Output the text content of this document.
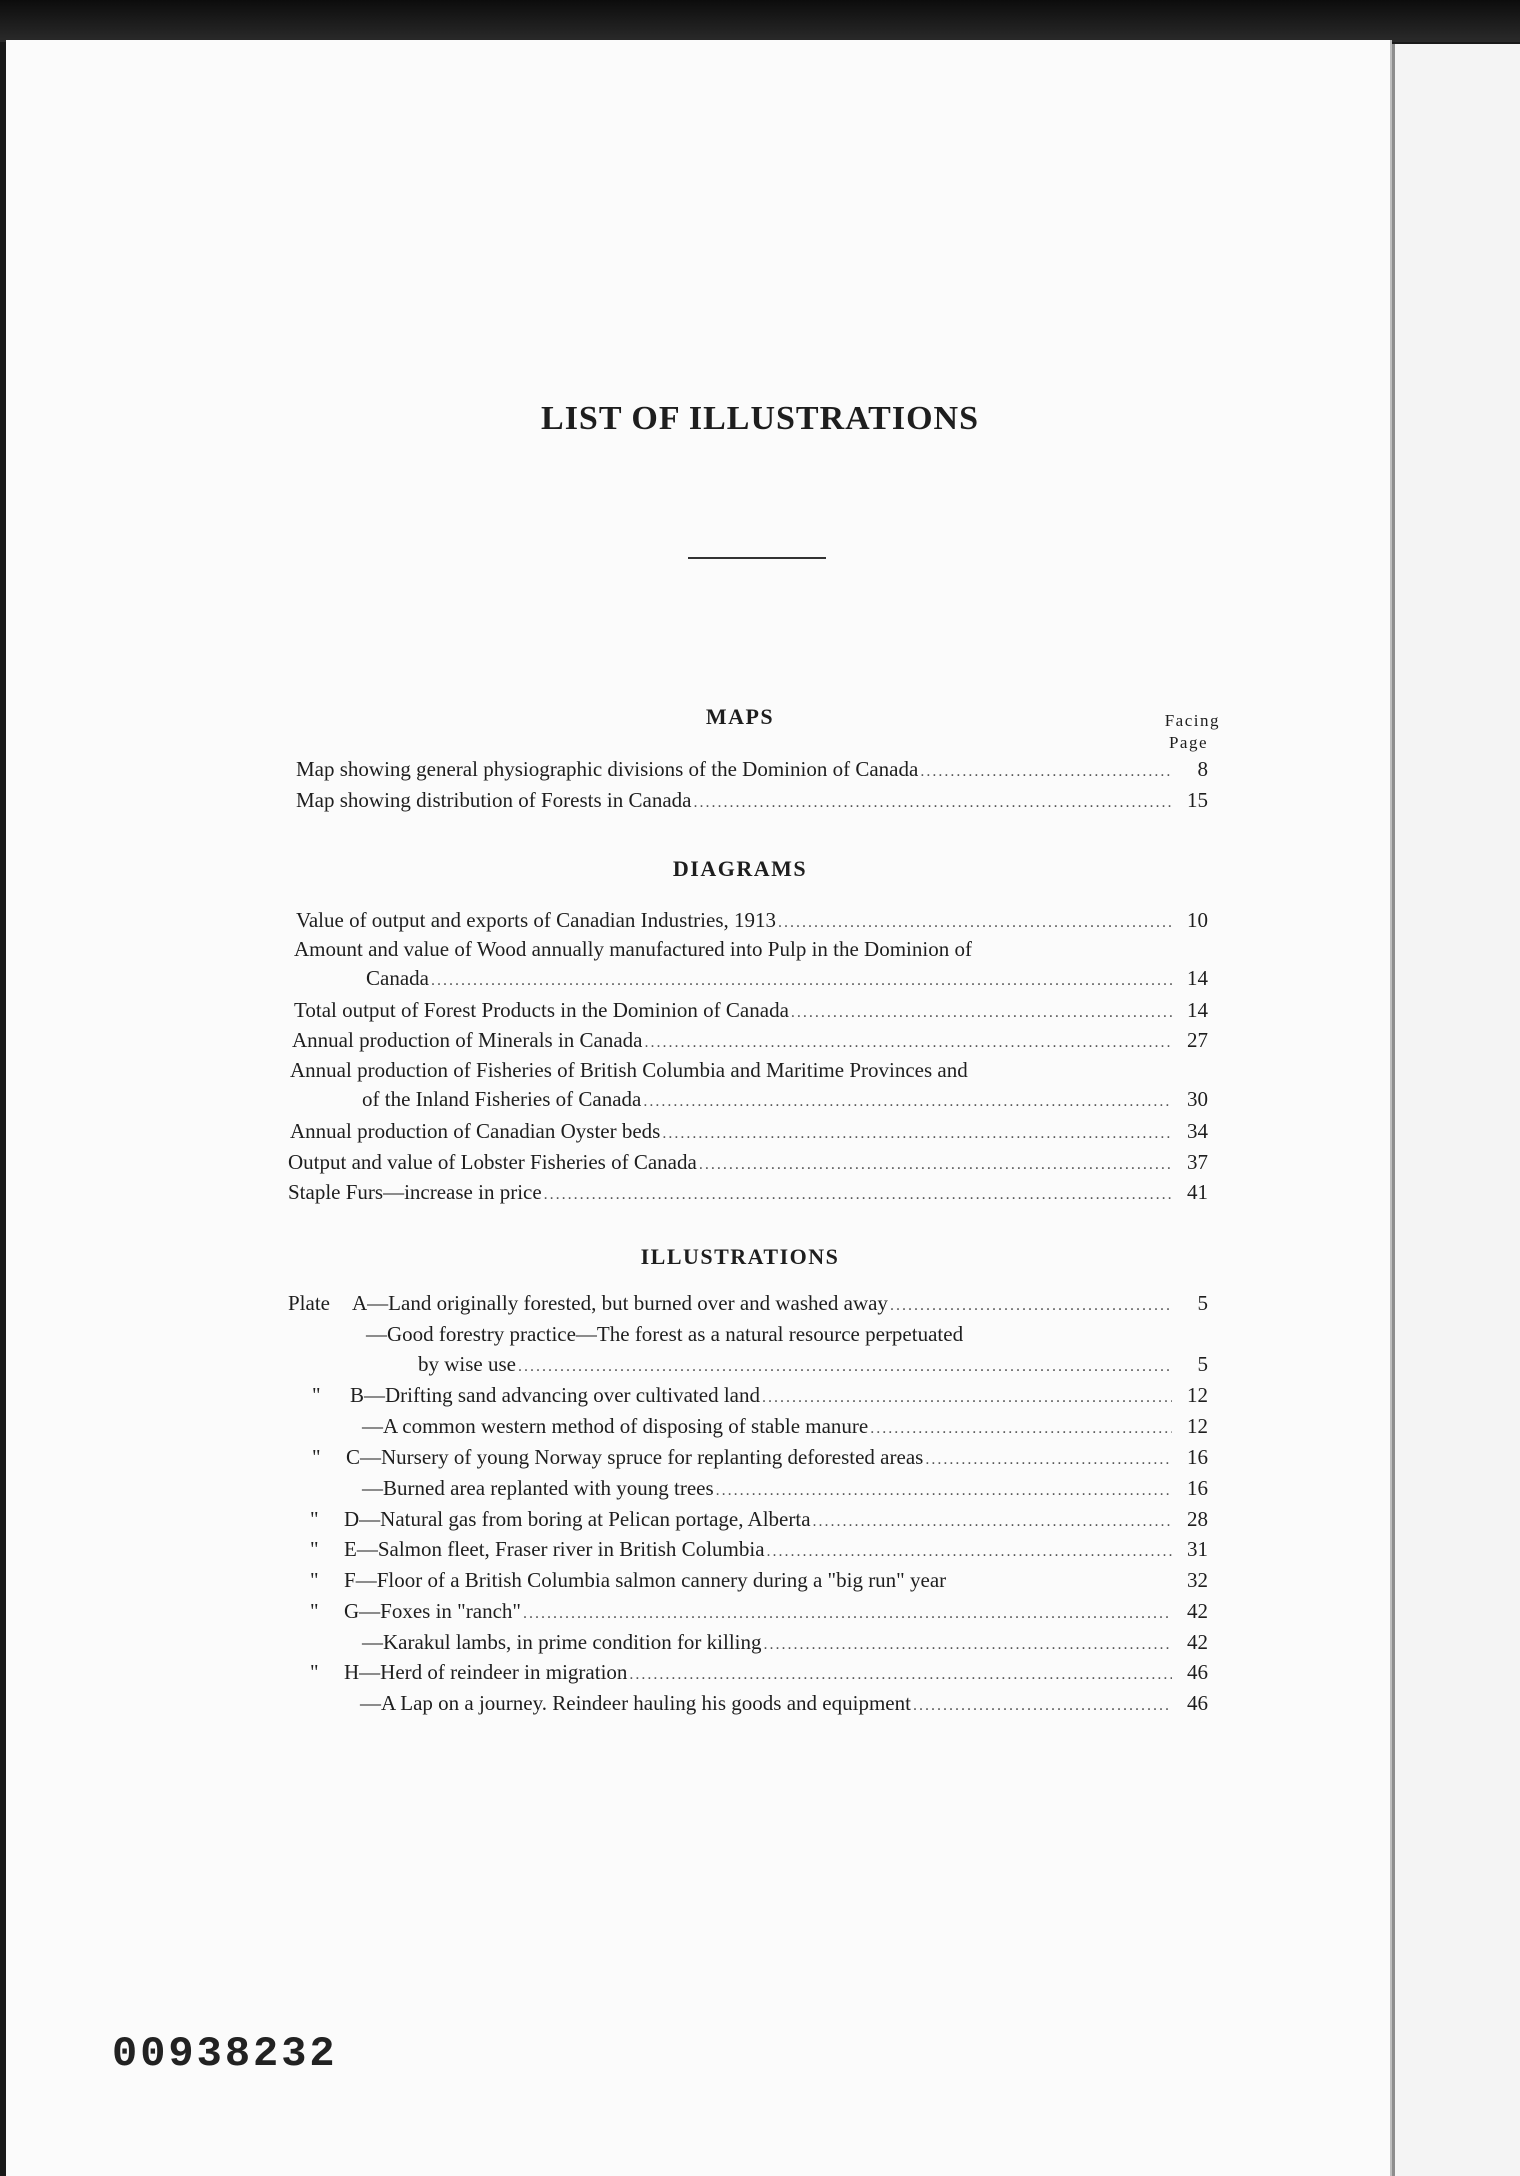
LIST OF ILLUSTRATIONS
MAPS	Facing

Page
Map showing general physiographic divisions of the Dominion of Canada .....	8
Map showing distribution of Forests in Canada .....	15
DIAGRAMS
Value of output and exports of Canadian Industries, 1913 .....	10
Amount and value of Wood annually manufactured into Pulp in the Dominion of
Canada .....	14
Total output of Forest Products in the Dominion of Canada .....	14
Annual production of Minerals in Canada .....	27
Annual production of Fisheries of British Columbia and Maritime Provinces and
of the Inland Fisheries of Canada .....	30
Annual production of Canadian Oyster beds .....	34
Output and value of Lobster Fisheries of Canada .....	37
Staple Furs—increase in price .....	41
ILLUSTRATIONS
Plate A —Land originally forested, but burned over and washed away .....	5
—Good forestry practice—The forest as a natural resource perpetuated
by wise use .....	5
" B —Drifting sand advancing over cultivated land .....	12
—A common western method of disposing of stable manure .....	12
" C —Nursery of young Norway spruce for replanting deforested areas .....	16
—Burned area replanted with young trees .....	16
" D —Natural gas from boring at Pelican portage, Alberta .....	28
" E —Salmon fleet, Fraser river in British Columbia .....	31
" F —Floor of a British Columbia salmon cannery during a "big run" year	32
" G —Foxes in "ranch" .....	42
—Karakul lambs, in prime condition for killing .....	42
" H —Herd of reindeer in migration .....	46
—A Lap on a journey. Reindeer hauling his goods and equipment .....	46
00938232
